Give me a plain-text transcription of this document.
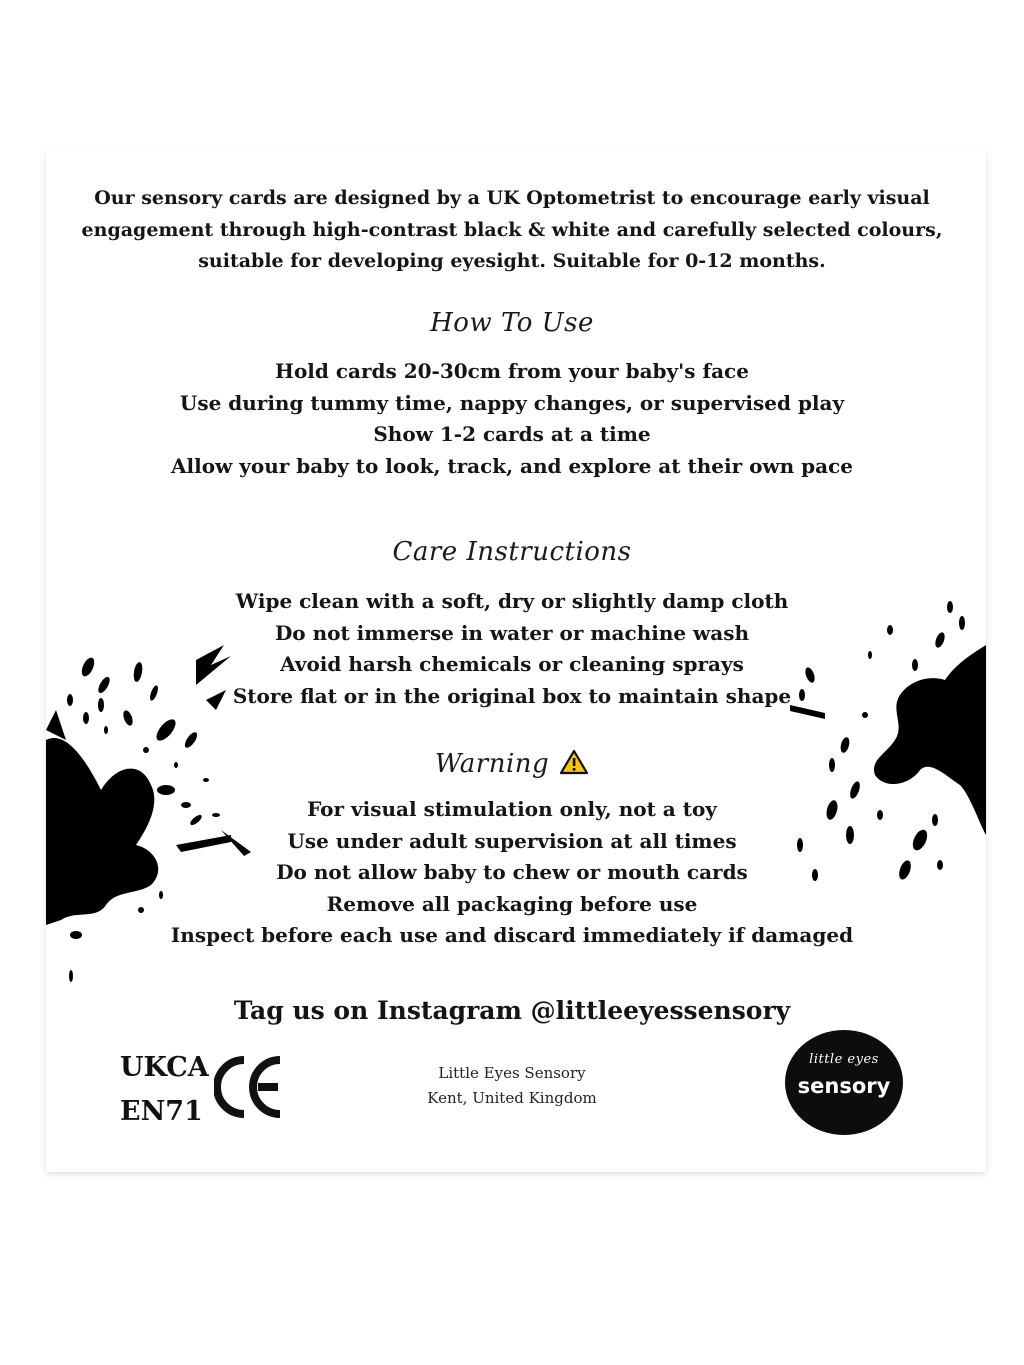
Our sensory cards are designed by a UK Optometrist to encourage early visual
engagement through high-contrast black & white and carefully selected colours,
suitable for developing eyesight. Suitable for 0-12 months.
How To Use
Hold cards 20-30cm from your baby's face
Use during tummy time, nappy changes, or supervised play
Show 1-2 cards at a time
Allow your baby to look, track, and explore at their own pace
Care Instructions
Wipe clean with a soft, dry or slightly damp cloth
Do not immerse in water or machine wash
Avoid harsh chemicals or cleaning sprays
Store flat or in the original box to maintain shape
Warning
For visual stimulation only, not a toy
Use under adult supervision at all times
Do not allow baby to chew or mouth cards
Remove all packaging before use
Inspect before each use and discard immediately if damaged
Tag us on Instagram @littleeyessensory
UKCA
EN71
Little Eyes Sensory
Kent, United Kingdom
little eyes
sensory
